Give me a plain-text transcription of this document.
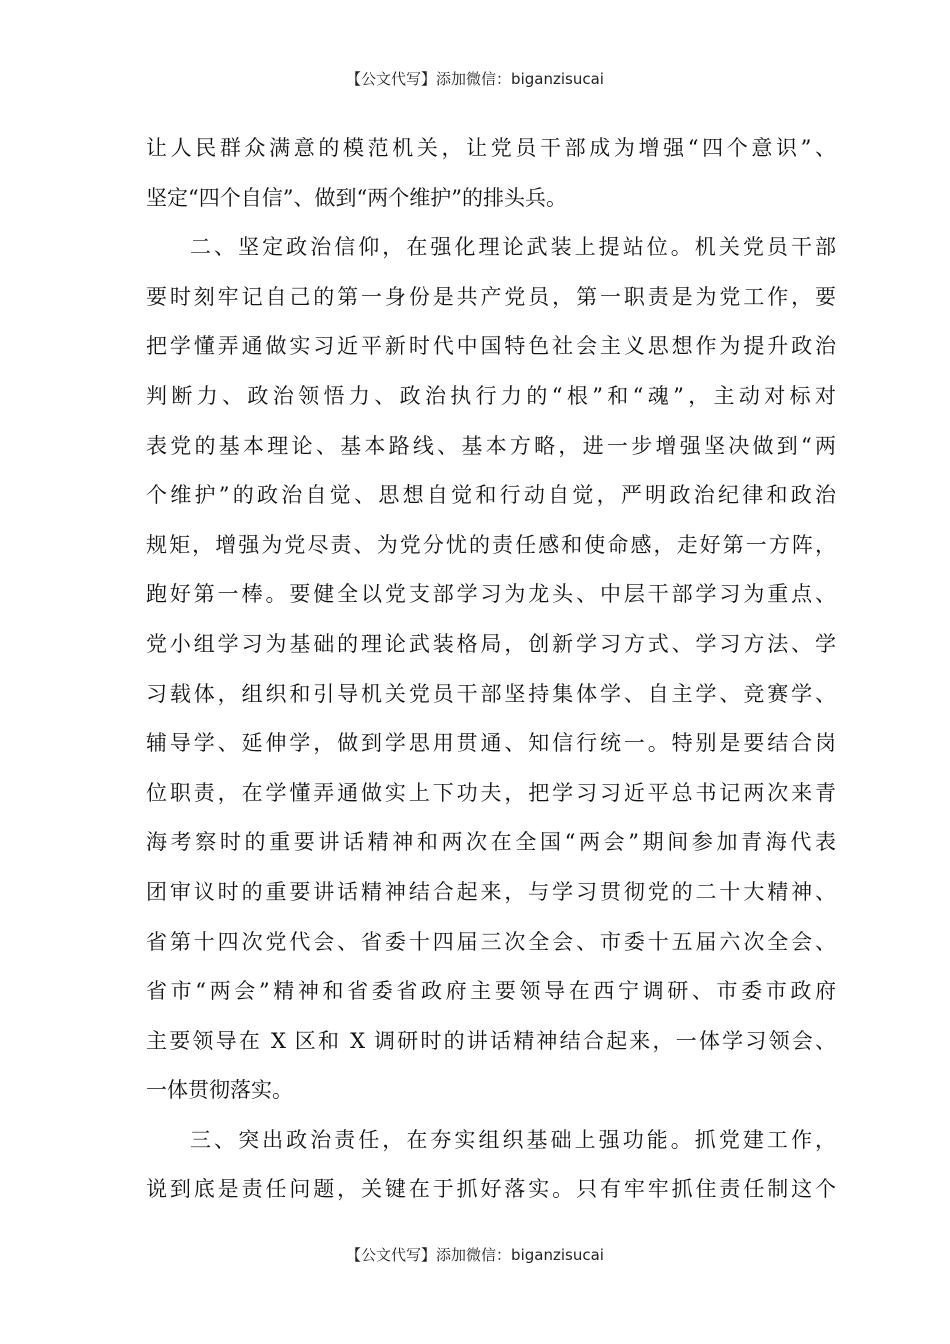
【公文代写】添加微信：biganzisucai
让人民群众满意的模范机关，让党员干部成为增强“四个意识”、
坚定“四个自信”、做到“两个维护”的排头兵。
二、坚定政治信仰，在强化理论武装上提站位。机关党员干部
要时刻牢记自己的第一身份是共产党员，第一职责是为党工作，要
把学懂弄通做实习近平新时代中国特色社会主义思想作为提升政治
判断力、政治领悟力、政治执行力的“根”和“魂”，主动对标对
表党的基本理论、基本路线、基本方略，进一步增强坚决做到“两
个维护”的政治自觉、思想自觉和行动自觉，严明政治纪律和政治
规矩，增强为党尽责、为党分忧的责任感和使命感，走好第一方阵，
跑好第一棒。要健全以党支部学习为龙头、中层干部学习为重点、
党小组学习为基础的理论武装格局，创新学习方式、学习方法、学
习载体，组织和引导机关党员干部坚持集体学、自主学、竞赛学、
辅导学、延伸学，做到学思用贯通、知信行统一。特别是要结合岗
位职责，在学懂弄通做实上下功夫，把学习习近平总书记两次来青
海考察时的重要讲话精神和两次在全国“两会”期间参加青海代表
团审议时的重要讲话精神结合起来，与学习贯彻党的二十大精神、
省第十四次党代会、省委十四届三次全会、市委十五届六次全会、
省市“两会”精神和省委省政府主要领导在西宁调研、市委市政府
主要领导在 X 区和 X 调研时的讲话精神结合起来，一体学习领会、
一体贯彻落实。
三、突出政治责任，在夯实组织基础上强功能。抓党建工作，
说到底是责任问题，关键在于抓好落实。只有牢牢抓住责任制这个
【公文代写】添加微信：biganzisucai
